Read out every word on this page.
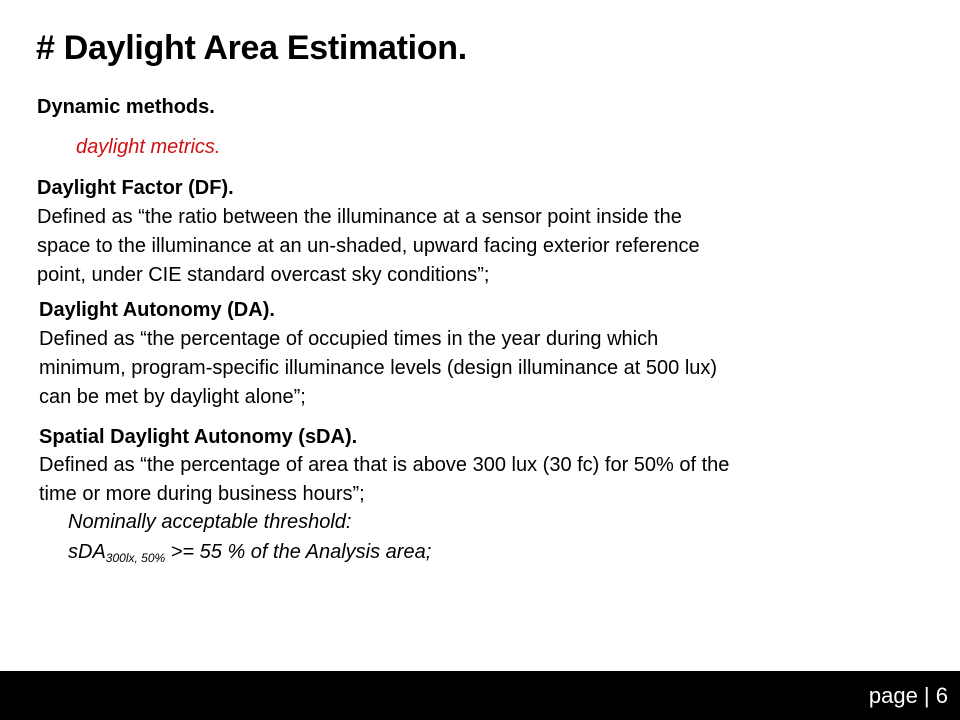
# Daylight Area Estimation.
Dynamic methods.
daylight metrics.
Daylight Factor (DF).
Defined as “the ratio between the illuminance at a sensor point inside the
space to the illuminance at an un-shaded, upward facing exterior reference
point, under CIE standard overcast sky conditions”;
Daylight Autonomy (DA).
Defined as “the percentage of occupied times in the year during which
minimum, program-specific illuminance levels (design illuminance at 500 lux)
can be met by daylight alone”;
Spatial Daylight Autonomy (sDA).
Defined as “the percentage of area that is above 300 lux (30 fc) for 50% of the
time or more during business hours”;
Nominally acceptable threshold:
sDA$_{300lx, 50\%}$ >= 55 % of the Analysis area;
page | 6
